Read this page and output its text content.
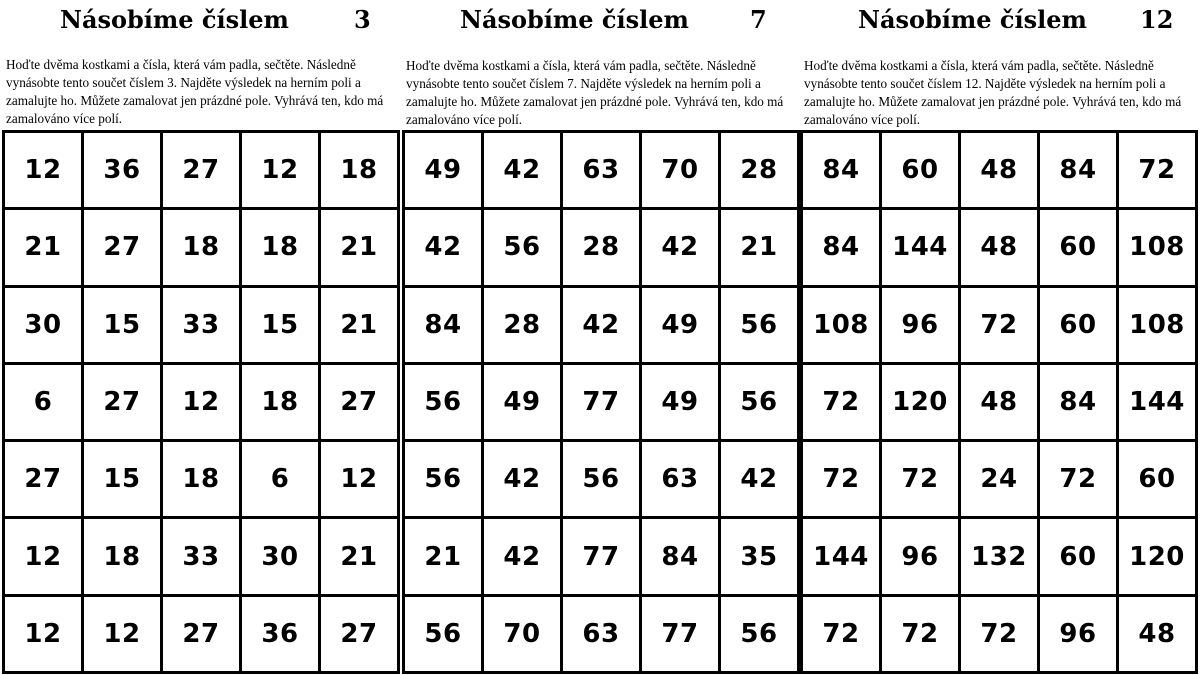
Násobíme číslem	3
Hoďte dvěma kostkami a čísla, která vám padla, sečtěte. Následně vynásobte tento součet číslem 3. Najděte výsledek na herním poli a zamalujte ho. Můžete zamalovat jen prázdné pole. Vyhrává ten, kdo má zamalováno více polí.
12	36	27	12	18
21	27	18	18	21
30	15	33	15	21
6	27	12	18	27
27	15	18	6	12
12	18	33	30	21
12	12	27	36	27
Násobíme číslem	7
Hoďte dvěma kostkami a čísla, která vám padla, sečtěte. Následně vynásobte tento součet číslem 7. Najděte výsledek na herním poli a zamalujte ho. Můžete zamalovat jen prázdné pole. Vyhrává ten, kdo má zamalováno více polí.
49	42	63	70	28
42	56	28	42	21
84	28	42	49	56
56	49	77	49	56
56	42	56	63	42
21	42	77	84	35
56	70	63	77	56
Násobíme číslem 12
Hoďte dvěma kostkami a čísla, která vám padla, sečtěte. Následně vynásobte tento součet číslem 12. Najděte výsledek na herním poli a zamalujte ho. Můžete zamalovat jen prázdné pole. Vyhrává ten, kdo má zamalováno více polí.
84	60	48	84	72
84	144	48	60	108
108	96	72	60	108
72	120	48	84	144
72	72	24	72	60
144	96	132	60	120
72	72	72	96	48
